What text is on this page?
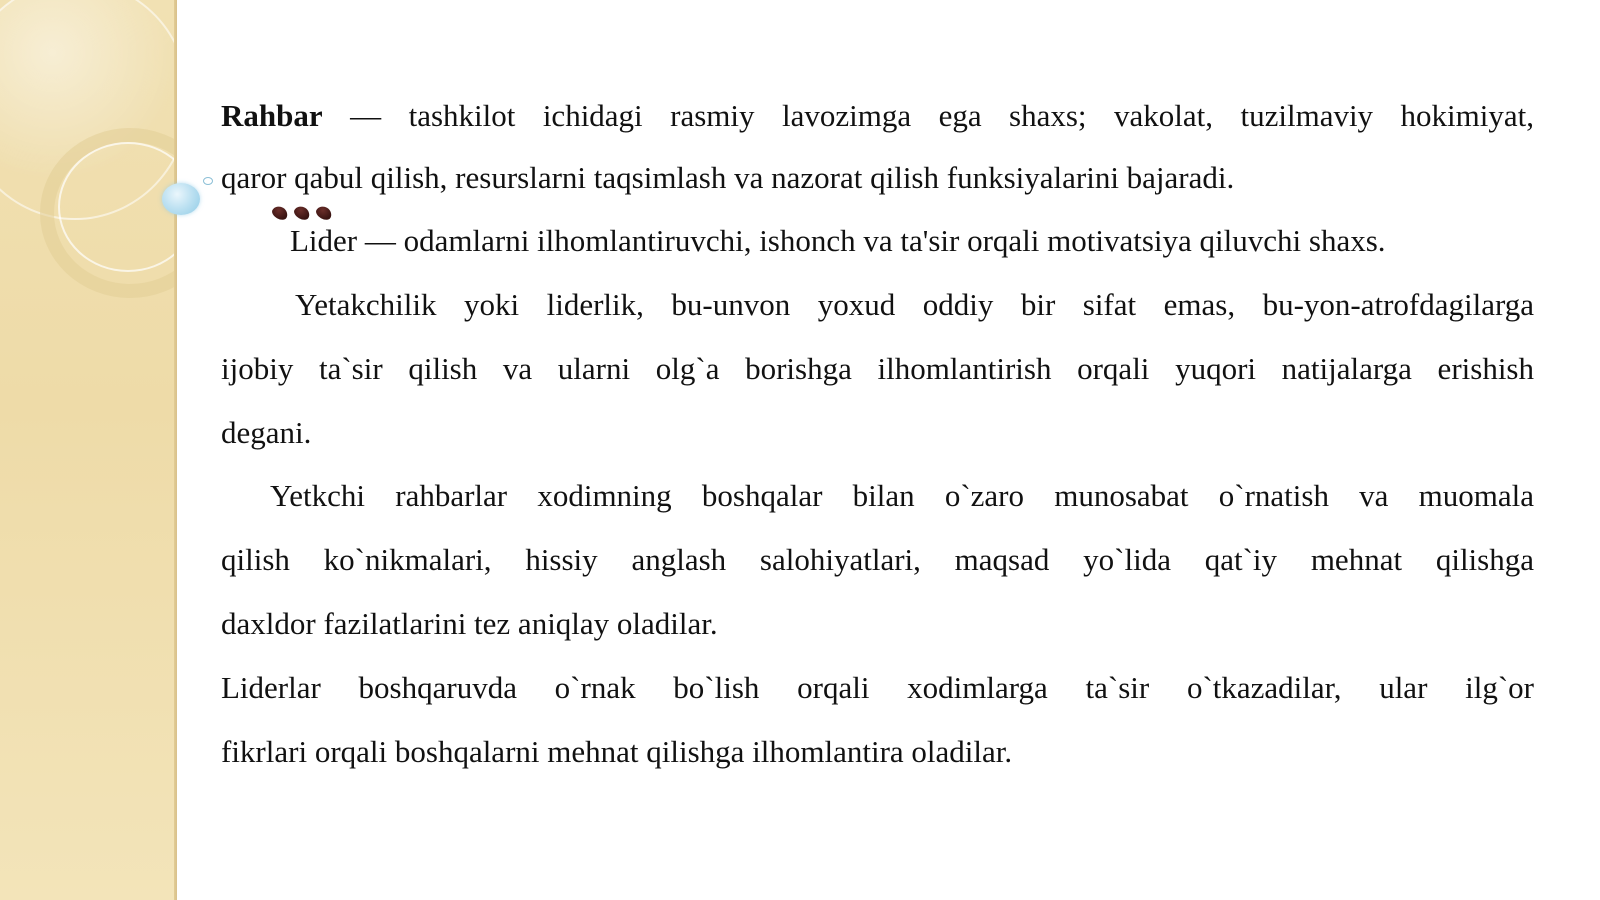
Rahbar — tashkilot ichidagi rasmiy lavozimga ega shaxs; vakolat, tuzilmaviy hokimiyat,
qaror qabul qilish, resurslarni taqsimlash va nazorat qilish funksiyalarini bajaradi.
Lider — odamlarni ilhomlantiruvchi, ishonch va ta'sir orqali motivatsiya qiluvchi shaxs.
Yetakchilik yoki liderlik, bu-unvon yoxud oddiy bir sifat emas, bu-yon-atrofdagilarga
ijobiy ta`sir qilish va ularni olg`a borishga ilhomlantirish orqali yuqori natijalarga erishish
degani.
Yetkchi rahbarlar xodimning boshqalar bilan o`zaro munosabat o`rnatish va muomala
qilish ko`nikmalari, hissiy anglash salohiyatlari, maqsad yo`lida qat`iy mehnat qilishga
daxldor fazilatlarini tez aniqlay oladilar.
Liderlar boshqaruvda o`rnak bo`lish orqali xodimlarga ta`sir o`tkazadilar, ular ilg`or
fikrlari orqali boshqalarni mehnat qilishga ilhomlantira oladilar.
